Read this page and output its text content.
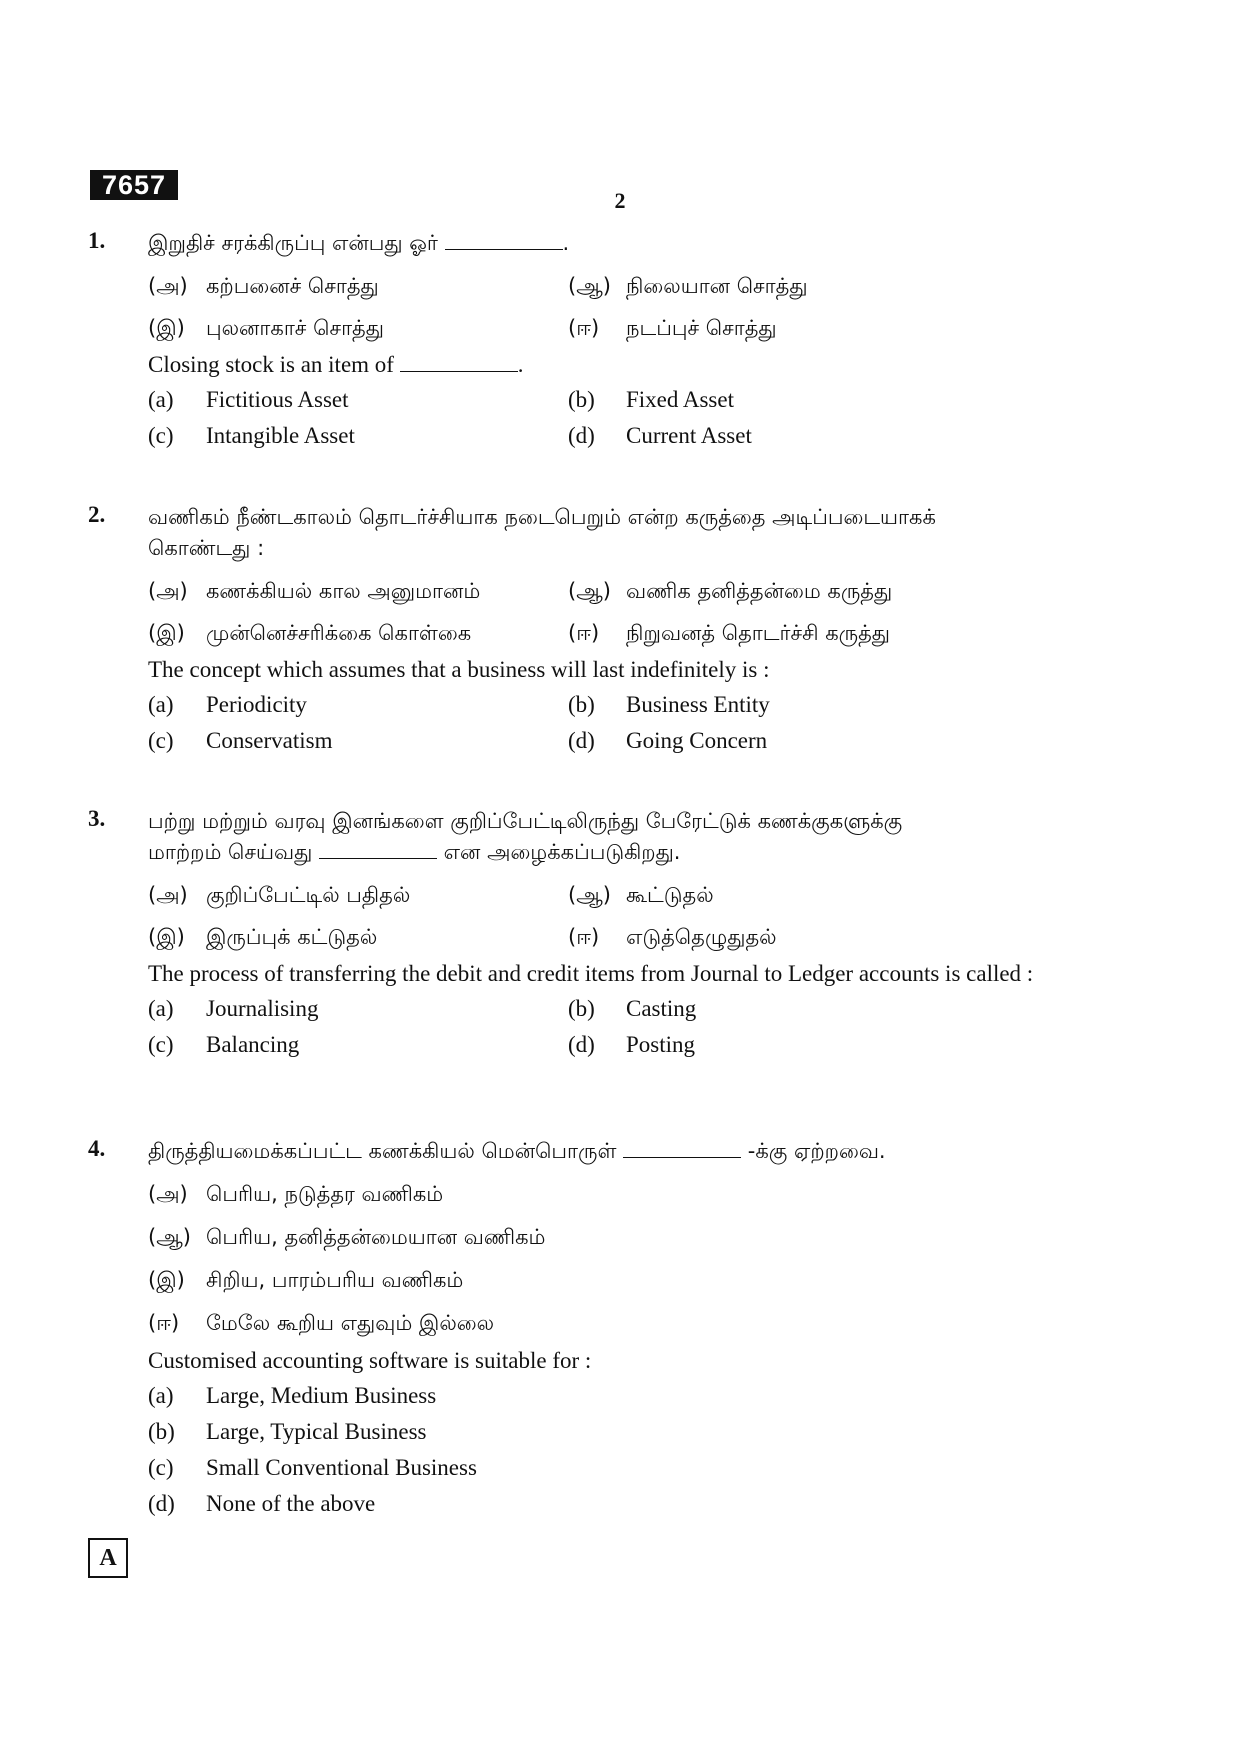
7657
2
1.	இறுதிச் சரக்கிருப்பு என்பது ஓர்	.
(அ) கற்பனைச் சொத்து	(ஆ) நிலையான சொத்து
(இ)	புலனாகாச் சொத்து	(ஈ)	நடப்புச் சொத்து
Closing stock is an item of	.
(a)	Fictitious Asset	(b)	Fixed Asset
(c)	Intangible Asset	(d)	Current Asset
2.	வணிகம் நீண்டகாலம் தொடர்ச்சியாக நடைபெறும் என்ற கருத்தை அடிப்படையாகக்
கொண்டது :
(அ) கணக்கியல் கால அனுமானம்	(ஆ) வணிக தனித்தன்மை கருத்து
(இ)	முன்னெச்சரிக்கை கொள்கை	(ஈ)	நிறுவனத் தொடர்ச்சி கருத்து
The concept which assumes that a business will last indefinitely is :
(a)	Periodicity	(b)	Business Entity
(c)	Conservatism	(d)	Going Concern
3.	பற்று மற்றும் வரவு இனங்களை குறிப்பேட்டிலிருந்து பேரேட்டுக் கணக்குகளுக்கு
மாற்றம் செய்வது	என அழைக்கப்படுகிறது.
(அ) குறிப்பேட்டில் பதிதல்	(ஆ) கூட்டுதல்
(இ)	இருப்புக் கட்டுதல்	(ஈ)	எடுத்தெழுதுதல்
The process of transferring the debit and credit items from Journal to Ledger accounts is called :
(a)	Journalising	(b)	Casting
(c)	Balancing	(d)	Posting
4.	திருத்தியமைக்கப்பட்ட கணக்கியல் மென்பொருள்	-க்கு ஏற்றவை.
(அ) பெரிய, நடுத்தர வணிகம்
(ஆ) பெரிய, தனித்தன்மையான வணிகம்
(இ)	சிறிய, பாரம்பரிய வணிகம்
(ஈ)	மேலே கூறிய எதுவும் இல்லை
Customised accounting software is suitable for :
(a)	Large, Medium Business
(b)	Large, Typical Business
(c)	Small Conventional Business
(d)	None of the above
A
